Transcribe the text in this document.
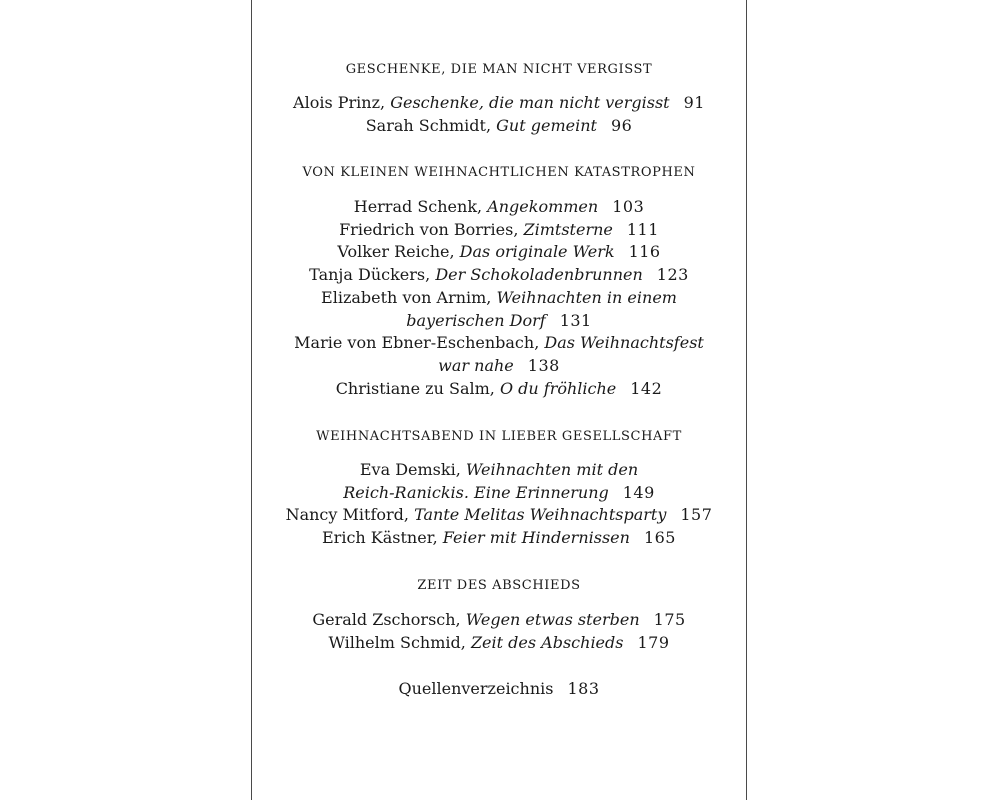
GESCHENKE, DIE MAN NICHT VERGISST
Alois Prinz, Geschenke, die man nicht vergisst 91
Sarah Schmidt, Gut gemeint 96
VON KLEINEN WEIHNACHTLICHEN KATASTROPHEN
Herrad Schenk, Angekommen 103
Friedrich von Borries, Zimtsterne 111
Volker Reiche, Das originale Werk 116
Tanja Dückers, Der Schokoladenbrunnen 123
Elizabeth von Arnim, Weihnachten in einem
bayerischen Dorf 131
Marie von Ebner-Eschenbach, Das Weihnachtsfest
war nahe 138
Christiane zu Salm, O du fröhliche 142
WEIHNACHTSABEND IN LIEBER GESELLSCHAFT
Eva Demski, Weihnachten mit den
Reich-Ranickis. Eine Erinnerung 149
Nancy Mitford, Tante Melitas Weihnachtsparty 157
Erich Kästner, Feier mit Hindernissen 165
ZEIT DES ABSCHIEDS
Gerald Zschorsch, Wegen etwas sterben 175
Wilhelm Schmid, Zeit des Abschieds 179
Quellenverzeichnis 183
